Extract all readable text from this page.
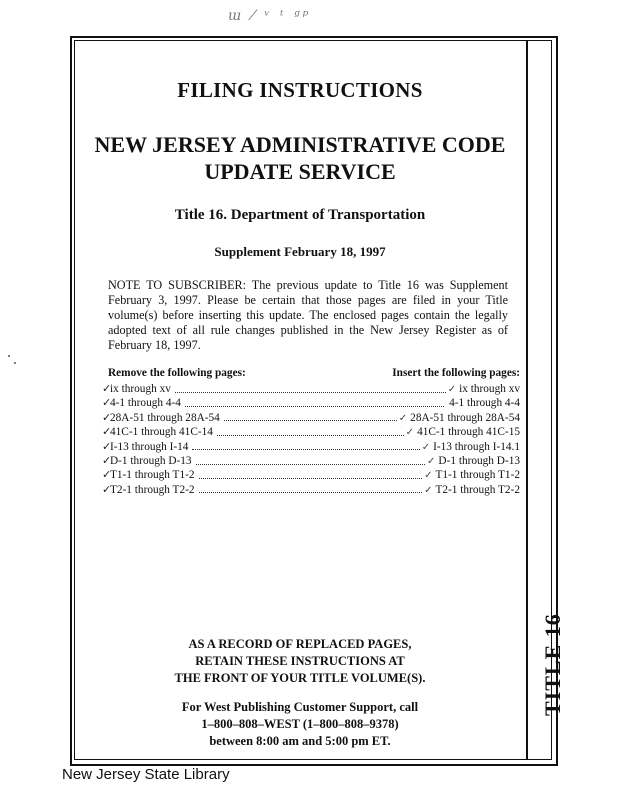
ɯ ⁄ ᵛ ᵗ ᵍᵖ
TITLE 16
FILING INSTRUCTIONS
NEW JERSEY ADMINISTRATIVE CODE
UPDATE SERVICE
Title 16. Department of Transportation
Supplement February 18, 1997
NOTE TO SUBSCRIBER: The previous update to Title 16 was Supplement February 3, 1997. Please be certain that those pages are filed in your Title volume(s) before inserting this update. The enclosed pages contain the legally adopted text of all rule changes published in the New Jersey Register as of February 18, 1997.
Remove the following pages:	Insert the following pages:
✓
ix through xv	✓ ix through xv
✓
4-1 through 4-4	4-1 through 4-4
✓
28A-51 through 28A-54	✓ 28A-51 through 28A-54
✓
41C-1 through 41C-14	✓ 41C-1 through 41C-15
✓
I-13 through I-14	✓ I-13 through I-14.1
✓
D-1 through D-13	✓ D-1 through D-13
✓
T1-1 through T1-2	✓ T1-1 through T1-2
✓
T2-1 through T2-2	✓ T2-1 through T2-2
AS A RECORD OF REPLACED PAGES,
RETAIN THESE INSTRUCTIONS AT
THE FRONT OF YOUR TITLE VOLUME(S).
For West Publishing Customer Support, call
1–800–808–WEST (1–800–808–9378)
between 8:00 am and 5:00 pm ET.
New Jersey State Library
